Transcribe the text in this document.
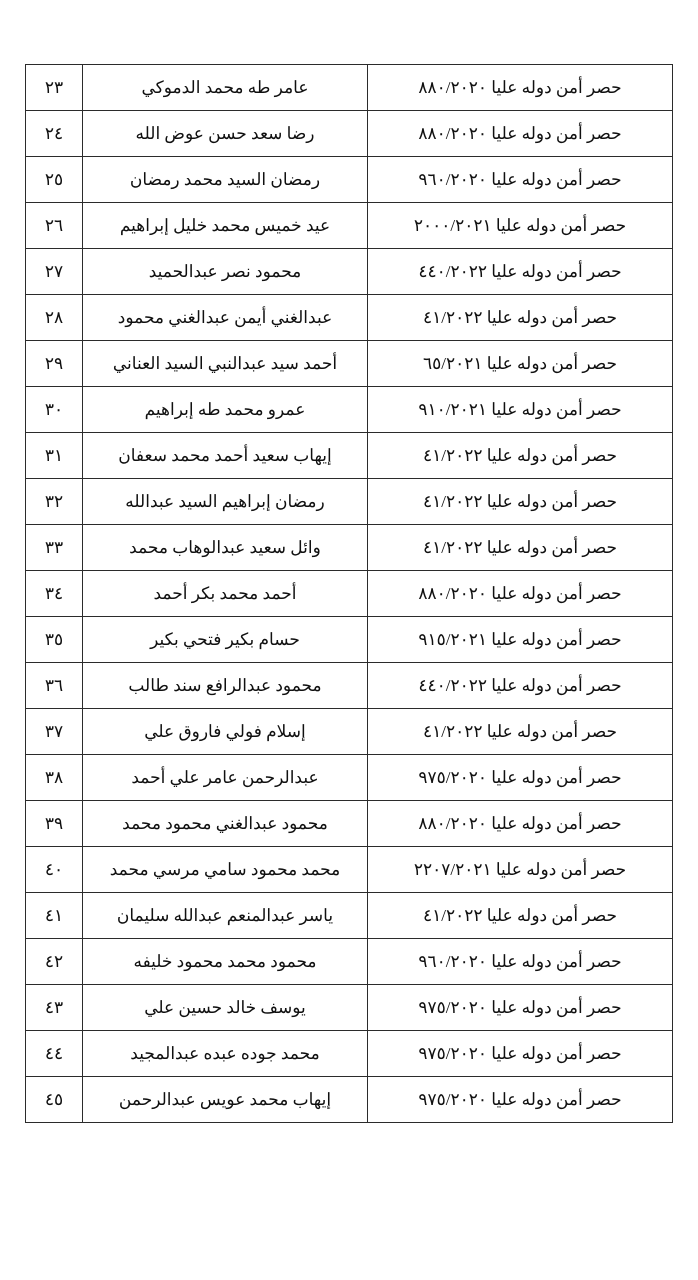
حصر أمن دوله عليا ٨٨٠/٢٠٢٠	عامر طه محمد الدموكي	٢٣

حصر أمن دوله عليا ٨٨٠/٢٠٢٠	رضا سعد حسن عوض الله	٢٤

حصر أمن دوله عليا ٩٦٠/٢٠٢٠	رمضان السيد محمد رمضان	٢٥

حصر أمن دوله عليا ٢٠٠٠/٢٠٢١	عيد خميس محمد خليل إبراهيم	٢٦

حصر أمن دوله عليا ٤٤٠/٢٠٢٢	محمود نصر عبدالحميد	٢٧

حصر أمن دوله عليا ٤١/٢٠٢٢	عبدالغني أيمن عبدالغني محمود	٢٨

حصر أمن دوله عليا ٦٥/٢٠٢١	أحمد سيد عبدالنبي السيد العناني	٢٩

حصر أمن دوله عليا ٩١٠/٢٠٢١	عمرو محمد طه إبراهيم	٣٠

حصر أمن دوله عليا ٤١/٢٠٢٢	إيهاب سعيد أحمد محمد سعفان	٣١

حصر أمن دوله عليا ٤١/٢٠٢٢	رمضان إبراهيم السيد عبدالله	٣٢

حصر أمن دوله عليا ٤١/٢٠٢٢	وائل سعيد عبدالوهاب محمد	٣٣

حصر أمن دوله عليا ٨٨٠/٢٠٢٠	أحمد محمد بكر أحمد	٣٤

حصر أمن دوله عليا ٩١٥/٢٠٢١	حسام بكير فتحي بكير	٣٥

حصر أمن دوله عليا ٤٤٠/٢٠٢٢	محمود عبدالرافع سند طالب	٣٦

حصر أمن دوله عليا ٤١/٢٠٢٢	إسلام فولي فاروق علي	٣٧

حصر أمن دوله عليا ٩٧٥/٢٠٢٠	عبدالرحمن عامر علي أحمد	٣٨

حصر أمن دوله عليا ٨٨٠/٢٠٢٠	محمود عبدالغني محمود محمد	٣٩

حصر أمن دوله عليا ٢٢٠٧/٢٠٢١	محمد محمود سامي مرسي محمد	٤٠

حصر أمن دوله عليا ٤١/٢٠٢٢	ياسر عبدالمنعم عبدالله سليمان	٤١

حصر أمن دوله عليا ٩٦٠/٢٠٢٠	محمود محمد محمود خليفه	٤٢

حصر أمن دوله عليا ٩٧٥/٢٠٢٠	يوسف خالد حسين علي	٤٣

حصر أمن دوله عليا ٩٧٥/٢٠٢٠	محمد جوده عبده عبدالمجيد	٤٤

حصر أمن دوله عليا ٩٧٥/٢٠٢٠	إيهاب محمد عويس عبدالرحمن	٤٥
